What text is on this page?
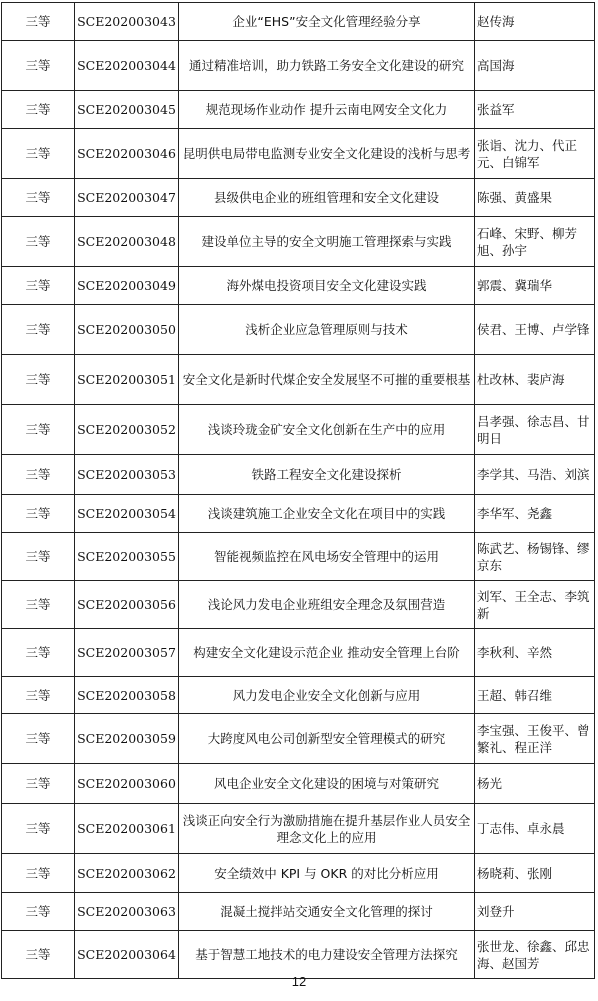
三等	SCE202003043	企业“EHS”安全文化管理经验分享	赵传海
三等	SCE202003044	通过精准培训，助力铁路工务安全文化建设的研究	高国海
三等	SCE202003045	规范现场作业动作 提升云南电网安全文化力	张益军
三等	SCE202003046	昆明供电局带电监测专业安全文化建设的浅析与思考	张诣、沈力、代正元、白锦军
三等	SCE202003047	县级供电企业的班组管理和安全文化建设	陈强、黄盛果
三等	SCE202003048	建设单位主导的安全文明施工管理探索与实践	石峰、宋野、柳芳旭、孙宇
三等	SCE202003049	海外煤电投资项目安全文化建设实践	郭震、冀瑞华
三等	SCE202003050	浅析企业应急管理原则与技术	侯君、王博、卢学锋
三等	SCE202003051	安全文化是新时代煤企安全发展坚不可摧的重要根基	杜改林、裴庐海
三等	SCE202003052	浅谈玲珑金矿安全文化创新在生产中的应用	吕孝强、徐志昌、甘明日
三等	SCE202003053	铁路工程安全文化建设探析	李学其、马浩、刘滨
三等	SCE202003054	浅谈建筑施工企业安全文化在项目中的实践	李华军、尧鑫
三等	SCE202003055	智能视频监控在风电场安全管理中的运用	陈武艺、杨锡锋、缪京东
三等	SCE202003056	浅论风力发电企业班组安全理念及氛围营造	刘军、王全志、李筑新
三等	SCE202003057	构建安全文化建设示范企业 推动安全管理上台阶	李秋利、辛然
三等	SCE202003058	风力发电企业安全文化创新与应用	王超、韩召维
三等	SCE202003059	大跨度风电公司创新型安全管理模式的研究	李宝强、王俊平、曾繁礼、程正洋
三等	SCE202003060	风电企业安全文化建设的困境与对策研究	杨光
三等	SCE202003061	浅谈正向安全行为激励措施在提升基层作业人员安全理念文化上的应用	丁志伟、卓永晨
三等	SCE202003062	安全绩效中 KPI 与 OKR 的对比分析应用	杨晓莉、张刚
三等	SCE202003063	混凝土搅拌站交通安全文化管理的探讨	刘登升
三等	SCE202003064	基于智慧工地技术的电力建设安全管理方法探究	张世龙、徐鑫、邱忠海、赵国芳
12
